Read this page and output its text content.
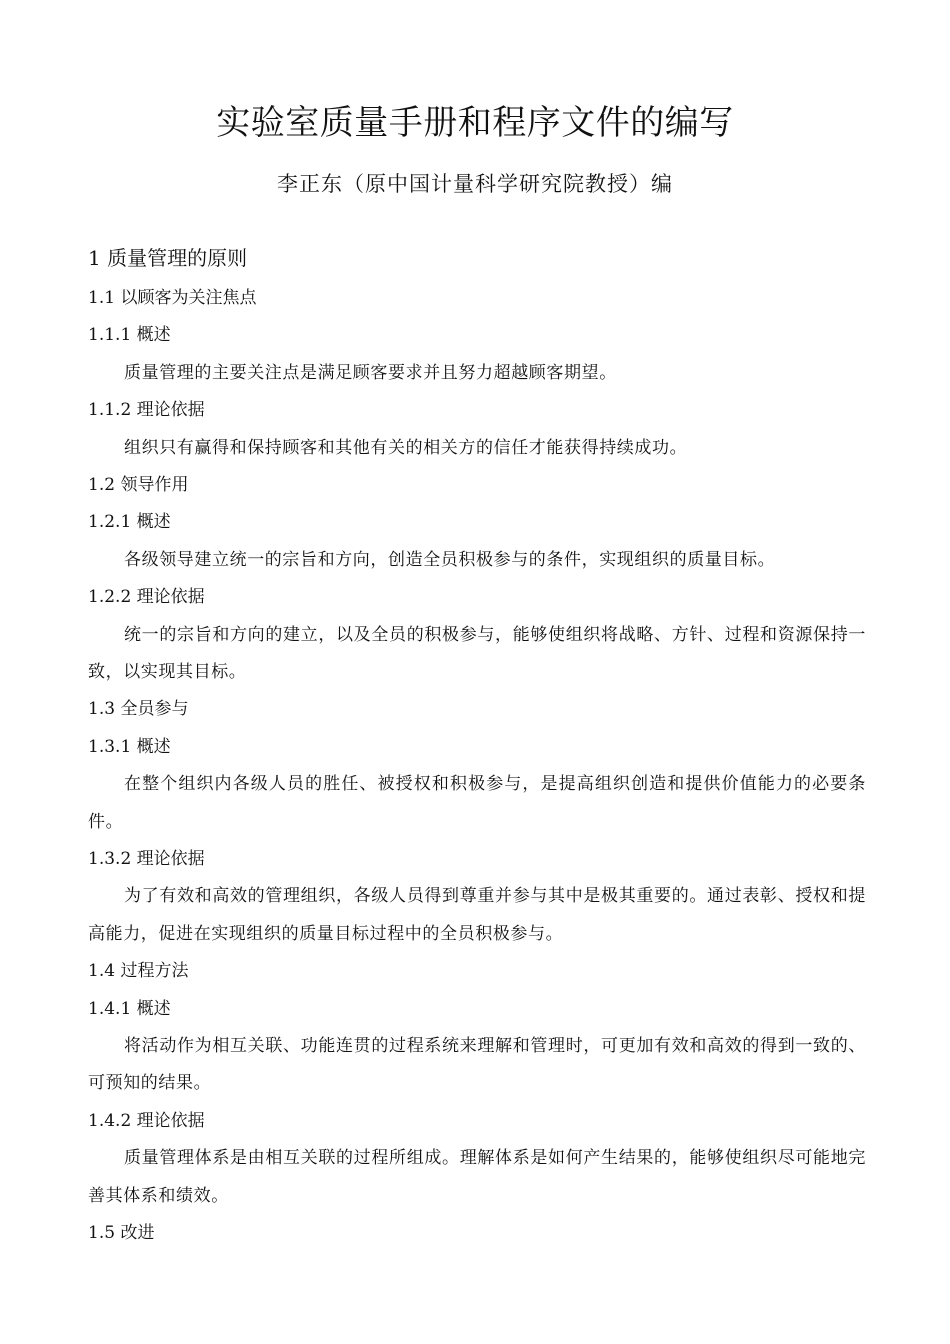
实验室质量手册和程序文件的编写
李正东（原中国计量科学研究院教授）编
1 质量管理的原则
1.1 以顾客为关注焦点
1.1.1 概述
质量管理的主要关注点是满足顾客要求并且努力超越顾客期望。
1.1.2 理论依据
组织只有赢得和保持顾客和其他有关的相关方的信任才能获得持续成功。
1.2 领导作用
1.2.1 概述
各级领导建立统一的宗旨和方向，创造全员积极参与的条件，实现组织的质量目标。
1.2.2 理论依据
统一的宗旨和方向的建立，以及全员的积极参与，能够使组织将战略、方针、过程和资源保持一致，以实现其目标。
1.3 全员参与
1.3.1 概述
在整个组织内各级人员的胜任、被授权和积极参与，是提高组织创造和提供价值能力的必要条件。
1.3.2 理论依据
为了有效和高效的管理组织，各级人员得到尊重并参与其中是极其重要的。通过表彰、授权和提高能力，促进在实现组织的质量目标过程中的全员积极参与。
1.4 过程方法
1.4.1 概述
将活动作为相互关联、功能连贯的过程系统来理解和管理时，可更加有效和高效的得到一致的、可预知的结果。
1.4.2 理论依据
质量管理体系是由相互关联的过程所组成。理解体系是如何产生结果的，能够使组织尽可能地完善其体系和绩效。
1.5 改进
